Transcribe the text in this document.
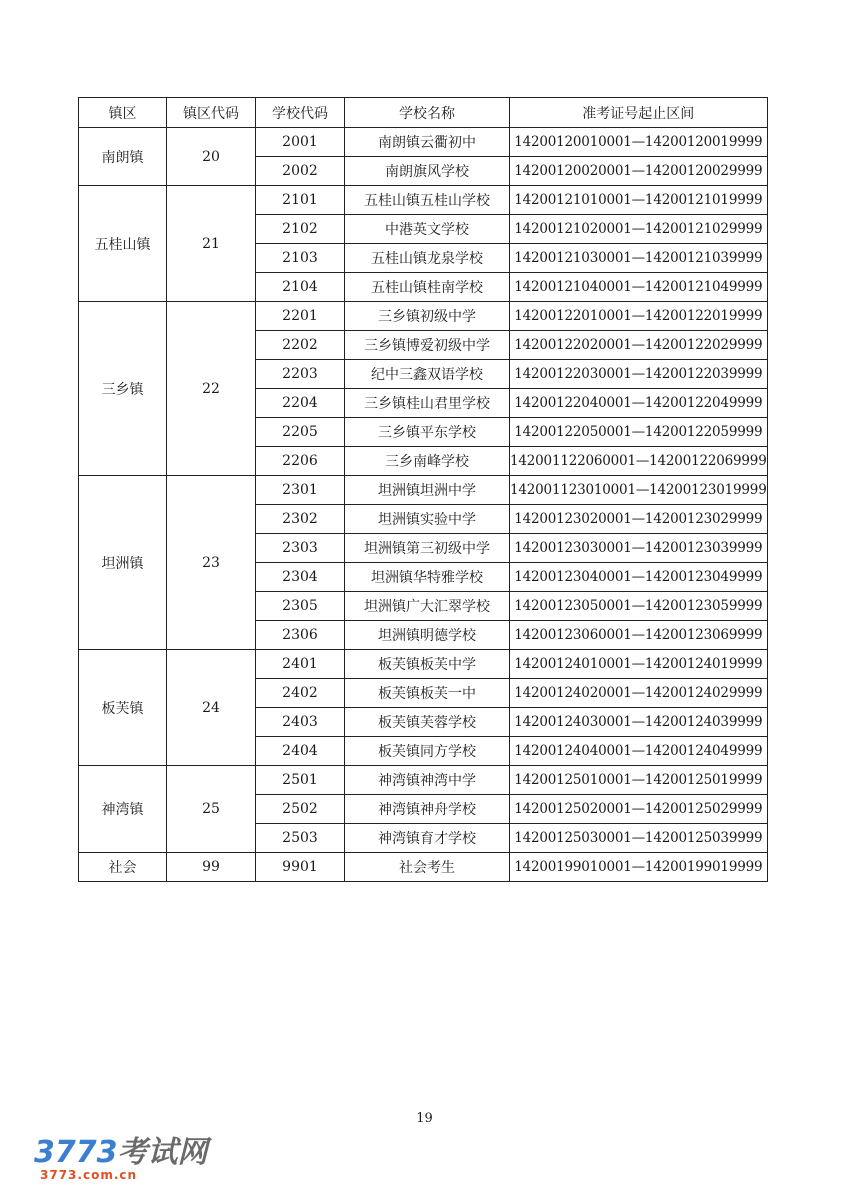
镇区	镇区代码	学校代码	学校名称	准考证号起止区间
南朗镇	20	2001	南朗镇云衢初中	14200120010001—14200120019999
		2002	南朗旗风学校	14200120020001—14200120029999
五桂山镇	21	2101	五桂山镇五桂山学校	14200121010001—14200121019999
		2102	中港英文学校	14200121020001—14200121029999
		2103	五桂山镇龙泉学校	14200121030001—14200121039999
		2104	五桂山镇桂南学校	14200121040001—14200121049999
三乡镇	22	2201	三乡镇初级中学	14200122010001—14200122019999
		2202	三乡镇博爱初级中学	14200122020001—14200122029999
		2203	纪中三鑫双语学校	14200122030001—14200122039999
		2204	三乡镇桂山君里学校	14200122040001—14200122049999
		2205	三乡镇平东学校	14200122050001—14200122059999
		2206	三乡南峰学校	142001122060001—14200122069999
坦洲镇	23	2301	坦洲镇坦洲中学	142001123010001—14200123019999
		2302	坦洲镇实验中学	14200123020001—14200123029999
		2303	坦洲镇第三初级中学	14200123030001—14200123039999
		2304	坦洲镇华特雅学校	14200123040001—14200123049999
		2305	坦洲镇广大汇翠学校	14200123050001—14200123059999
		2306	坦洲镇明德学校	14200123060001—14200123069999
板芙镇	24	2401	板芙镇板芙中学	14200124010001—14200124019999
		2402	板芙镇板芙一中	14200124020001—14200124029999
		2403	板芙镇芙蓉学校	14200124030001—14200124039999
		2404	板芙镇同方学校	14200124040001—14200124049999
神湾镇	25	2501	神湾镇神湾中学	14200125010001—14200125019999
		2502	神湾镇神舟学校	14200125020001—14200125029999
		2503	神湾镇育才学校	14200125030001—14200125039999
社会	99	9901	社会考生	14200199010001—14200199019999
19
3773考试网
3773.com.cn
